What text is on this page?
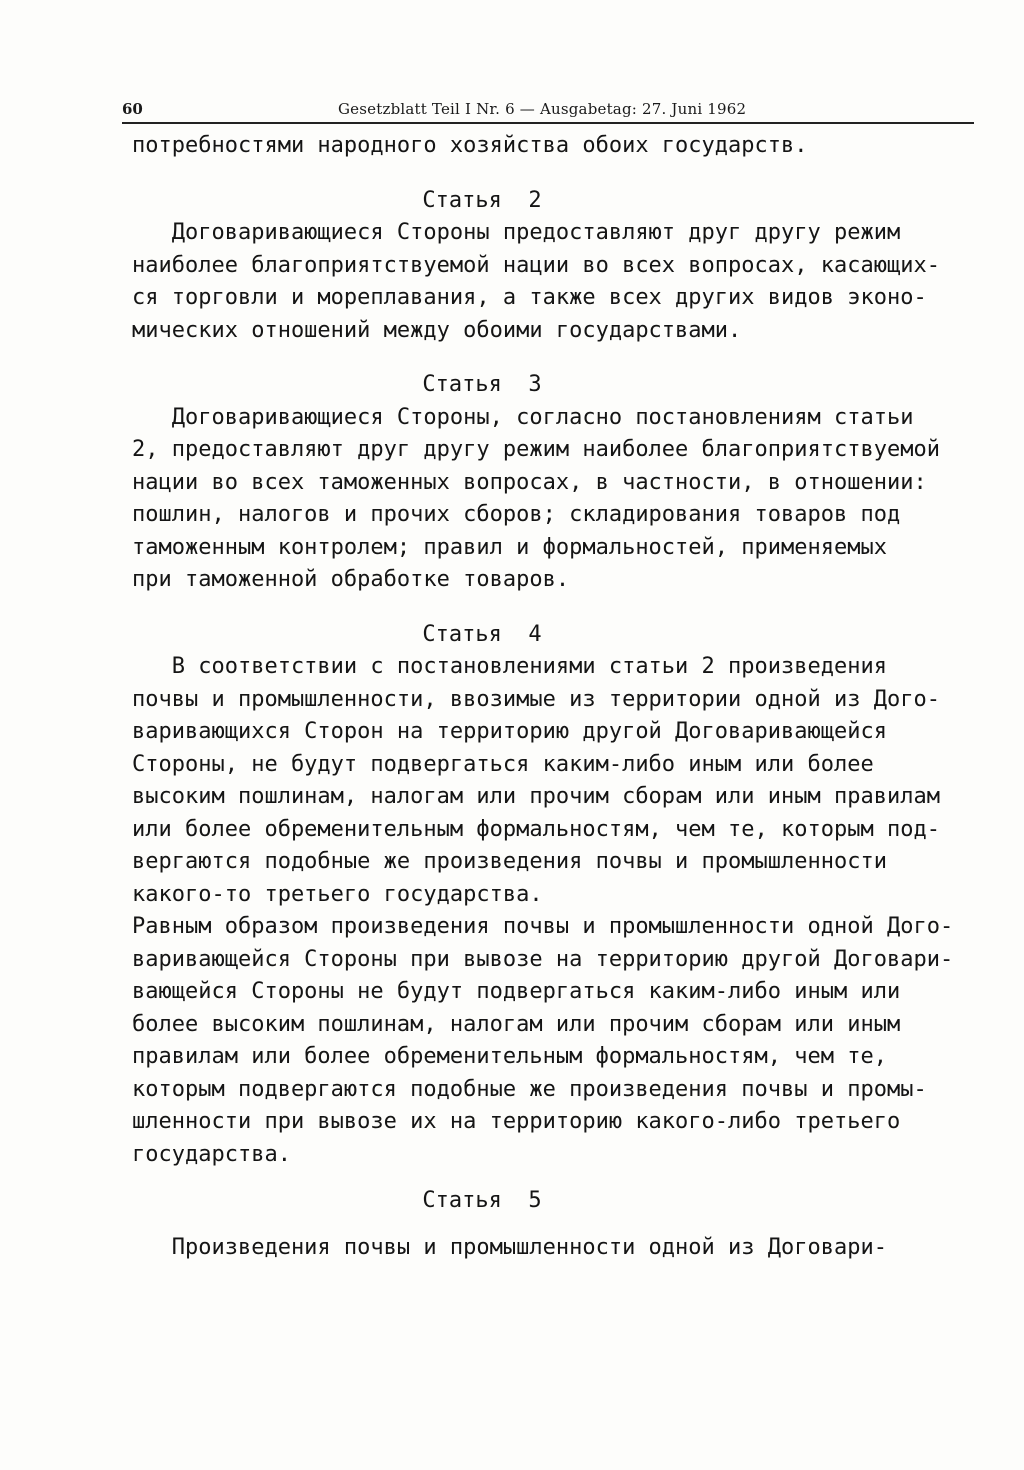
60	Gesetzblatt Teil I Nr. 6 — Ausgabetag: 27. Juni 1962
потребностями народного хозяйства обоих государств.
Статья  2
Договаривающиеся Стороны предоставляют друг другу режим
наиболее благоприятствуемой нации во всех вопросах, касающих-
ся торговли и мореплавания, а также всех других видов эконо-
мических отношений между обоими государствами.
Статья  3
Договаривающиеся Стороны, согласно постановлениям статьи
2, предоставляют друг другу режим наиболее благоприятствуемой
нации во всех таможенных вопросах, в частности, в отношении:
пошлин, налогов и прочих сборов; складирования товаров под
таможенным контролем; правил и формальностей, применяемых
при таможенной обработке товаров.
Статья  4
В соответствии с постановлениями статьи 2 произведения
почвы и промышленности, ввозимые из территории одной из Дого-
варивающихся Сторон на территорию другой Договаривающейся
Стороны, не будут подвергаться каким-либо иным или более
высоким пошлинам, налогам или прочим сборам или иным правилам
или более обременительным формальностям, чем те, которым под-
вергаются подобные же произведения почвы и промышленности
какого-то третьего государства.
Равным образом произведения почвы и промышленности одной Дого-
варивающейся Стороны при вывозе на территорию другой Договари-
вающейся Стороны не будут подвергаться каким-либо иным или
более высоким пошлинам, налогам или прочим сборам или иным
правилам или более обременительным формальностям, чем те,
которым подвергаются подобные же произведения почвы и промы-
шленности при вывозе их на территорию какого-либо третьего
государства.
Статья  5
Произведения почвы и промышленности одной из Договари-
